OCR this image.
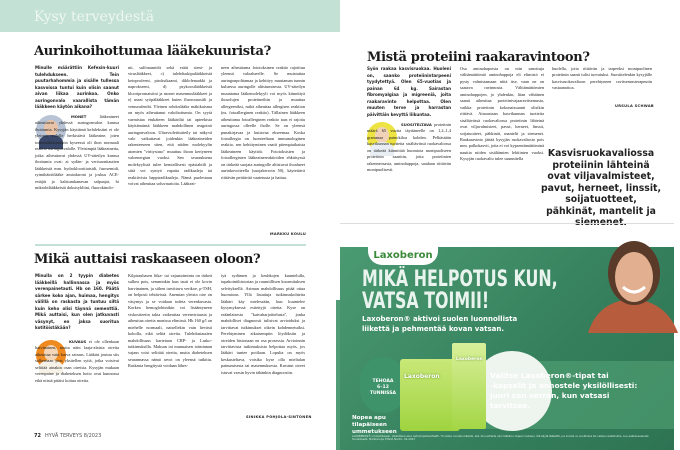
Kysy terveydestä
Aurinkoihottumaa lääkekuurista?
Minulle määrättiin Kefexin-kuuri tulehdukseen. Tein puutarhahommia ja sisälle tullessa kasvoissa tuntui kuin olisin saanut aivan liikaa aurinkoa. Onko auringonvalo vaarallista tämän lääkkeen käytön aikana?
MONET	lääkeaineet aiheuttavat yhdessä auringonvalon kanssa ihottumia. Kysyjän käyttämä kefaleksiini ei ole yleinen valolle herkistävä lääkeaine, joten todennäköisemmin kyseessä oli ihon normaali reaktio auringonvalolle. Yleisimpiä lääkeaineita, jotka aiheuttavat yhdessä UV-säteilyn kanssa ihottumia ovat: ai sydän- ja verisuonitautien lääkkeistä mm. hydroklooritiatsidi, furosemidi, rytmihäiriölääke amiodaroni ja joskus ACE-estäjät ja kalsiumkanavan salpaajat, bi mikrobilääkkeistä doksisykliini, fluorokinolo-
nit, sulfonamidit sekä eräät sieni- ja viruslääkkeet, c) tulehduskipulääkkeistä ketoprofeeni, piroksikaami, diklofenaakki ja naprokseeni, d) psykoosilääkkeistä klooripromatsiini ja monet masennuslääkkeet ja e) useat syöpälääkkeet kuten fluorourasiili ja vemurafenibi. Yleinen rohdoslääke mäkikuisma on myös aiheuttanut valoihottumia. On syytä varmistaa etukäteen lääkäriltä tai apteekista käyttämänsä lääkkeen mahdollinen reagointi auringonvaloon. Ultraviolettisäteily tai näkyvä valo vaikuttavat joidenkin lääkeaineiden rakenteeseen siten, että niiden molekyylin atomien "viritystaso" muuttuu ihoon kertyneen valoenergian vuoksi. Sen seurauksena molekyylistä tulee kemiallisesti epästabiili ja siitä voi syntyä vapaita radikaaleja tai reaktiivisia happiradikaaleja. Nämä puolestaan voivat aiheuttaa soluvaurioita. Lääkeai-
neen aiheuttama fototoksinen reaktio rajoittuu yleensä valoalueelle. Se muistuttaa auringonpolttamaa ja kehittyy muutaman tunnin kuluessa auringolle altistumisesta. UV-säteilyn muuntama lääkemolekyyli voi myös kiinnittyä ihosolujen proteiineihin ja muuttaa allergeeniksi, mikä aiheuttaa allergisen reaktion (ns. fotoallerginen reaktio). Tällainen lääkkeen aiheuttama fotoallerginen reaktio taas ei rajoitu auringossa olleelle iholle. Se on yleensä punakirjavaa ja kutiavaa ekseemaa. Koska fotoallergia on luonteeltaan immunologinen reaktio, sen kehittyminen vaatii pitempiaikaista lääkeaineen käyttöä. Fototoksisten ja fotoallergisten lääkeainereaktioiden ehkäisyssä on tärkeää suojata auringolle altistuvat ihoalueet aurinkovoiteella (suojakerroin 50), käytettävä riittävän peittävää vaatetusta ja hattua.
MARKKU KOULU
Mistä proteiini raakaravintoon?
Syön raakaa kasvisruokaa. Huoleni on, saanko proteiinintarpeeni tyydytettyä. Olen 65-vuotias ja painan 64 kg. Sairastan fibromyalgiaa ja migreeniä, joita raakaravinto helpottaa. Olen muuten terve ja harrastan päivittäin kevyttä liikuntaa.
SUOSITELTAVA proteiinin määrä 65 vuotta täyttäneelle on 1,2–1,4 grammaa painokiloa kohden. Pelkästään kasvikunnan tuotteita sisältävässä ruokavaliossa on tärkeää kiinnittää huomiota monipuoliseen proteiinin saantiin, jotta proteiinien rakenneosasia, aminohappoja, saadaan riittävän monipuolisesti.
Osa aminohapoista on niin sanottuja välttämättömiä aminohappoja eli elimistö ei pysty valmistamaan niitä itse, vaan ne on saatava ravinnosta. Välttämättömien aminohappojen, jo yhdenkin, liian vähäinen saanti aiheuttaa proteiinivajaaravitsemusta, vaikka proteiinin kokonaissaanti olisikin riittävä. Ainoastaan kasvikunnan tuotteita sisältävässä ruokavaliossa proteiinin lähteinä ovat viljavalmisteet, pavut, herneet, linssit, soijatuotteet, pähkinät, mantelit ja siemenet. Raakaravinto jättää kysyjän ruokavaliosta pois mm. palkokasvit, joita ei voi kypsentämättöminä nauttia niiden sisältämien lektiinien vuoksi. Kysyjän ruokavalio tulee suunnitella
huolella, jotta riittävän ja tarpeeksi monipuolinen proteiinin saanti tulisi turvatuksi. Suosittelenkin kysyjälle kasvisruokavalioon perehtyneen ravitsemusterapeutin vastaanottoa.
URSULA SCHWAB
Kasvisruokavaliossa proteiinin lähteinä ovat viljavalmisteet, pavut, herneet, linssit, soijatuotteet, pähkinät, mantelit ja
Mikä auttaisi raskaaseen oloon?
Minulla on 2 tyypin diabetes lääkkeillä hallinnassa ja myös verenpainetauti. Hb on 160. Päätä särkee koko ajan, huimaa, hengitys välillä on raskasta ja tuntuu siltä kuin keho olisi täynnä sementtiä. Mikä auttaisi, kun olen jatkuvasti väsynyt, en jaksa suoritua kotitöistäkään?
KUVAUS ei ole ollenkaan harvinainen, mutta näin laaja-alaisia oireita aiheuttaa vain harva sairaus. Lääkäri joutuu siis sulkemaan pois yksitellen syitä, jotka voisivat selittää ainakin osan oireista. Kysyjän mukaan verenpaine ja diabeteksen hoito ovat kunnossa eikä niistä pitäisi koitua oireita.
Kilpirauhasen liika- tai vajaatoiminta on tärkeä sulkea pois, semminkin kun tauti ei ole kovin harvinainen, ja siihen tarvittava verikoe, p-TSH, on helposti tehtävissä. Anemian yleisin oire on väsymys ja se voidaan todeta verenkuvasta. Korkea hemoglobiinikin voi lisääntyneen viskositeetin takia vaikeuttaa verenvirtausta ja aiheuttaa oireita monissa elimissä. Hb 160 g/l on miehelle normaali, naisellekin vain lievästi koholla, eikä selitä oireita. Tulehdustautien mahdollisuus kartetaan CRP- ja Lasko-tutkimuksilla. Maksan tai munuaisen toiminnan vajaus voisi selittää oireita, mutta diabeteksen seurannassa nämä arvot on yleensä tutkittu. Raskasta hengitystä voidaan lähes-
tyä sydämen ja keuhkojen kuuntelulla, tupakointihistorian ja ruumiillisen kuormituksen selvityksellä. Astman mahdollisuus pitää ottaa huomioon. Yllä listattuja tutkimuskohteita lääkäri käy mielessään, kun kuuntelee kysymyksessä esitettyjä oireita. Kyse on eräänlaisesta "kaivaharjoittelusta", jonka mahdolliset diagnoosit tulisivat arvioiduksi ja tarvittavat tutkimukset oikein kohdennetuiksi. Perehtyminen aikaisempiin löydöksiin ja oireiden historiaan on osa prosessia. Arvioinnin tarvittavista tutkimuksista helpottaa myös, jos lääkäri tuntee potilaan. Lopulta on myös keskusteltava, voisiko kyse olla mielialan painumisesta tai masennuksesta. Kuvatut oireet istuvat varsin hyvin tähänkin diagnoosiin.
SINIKKA POHJOLA-SINTONEN
Laxoberon
MIKÄ HELPOTUS KUN,
VATSA TOIMII!
Laxoberon® aktivoi suolen luonnollista
liikettä ja pehmentää kovan vatsan.
TEHOAA
6–12
TUNNISSA
Nopea apu
tilapäiseen
ummetukseen
Laxoberon
Laxoberon
Valitse Laxoberon®-tipat tai
-kapselit ja annostele yksilöllisesti:
juuri sen verran, kun vatsasi
tarvitsee.
LAXOBERON® ummetukseen. Vaikuttava aine natriumpikosulfaatti. Yli viiden vuoden ikäisille, alle 12-vuotiaille vain lääkärin ohjeen mukaan. Älä käytä lääkettä, jos sinulla on suolitukos tai vaikea nestehukka. Lue pakkausseloste huolellisesti. Markkinoija STADA Nordic. 04-2023
72 HYVÄ TERVEYS 8/2023
